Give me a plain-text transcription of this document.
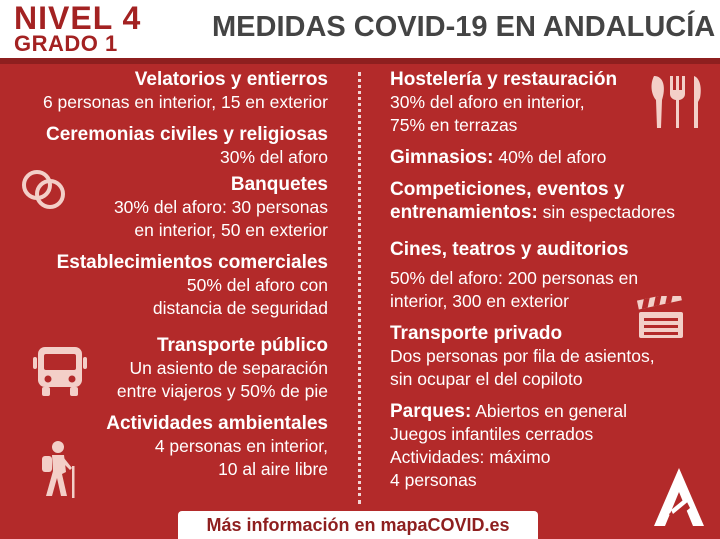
NIVEL 4
GRADO 1
MEDIDAS COVID-19 EN ANDALUCÍA
Velatorios y entierros
6 personas en interior, 15 en exterior
Ceremonias civiles y religiosas
30% del aforo
Banquetes
30% del aforo: 30 personas
en interior, 50 en exterior
Establecimientos comerciales
50% del aforo con
distancia de seguridad
Transporte público
Un asiento de separación
entre viajeros y 50% de pie
Actividades ambientales
4 personas en interior,
10 al aire libre
Hostelería y restauración
30% del aforo en interior,
75% en terrazas
Gimnasios: 40% del aforo
Competiciones, eventos y
entrenamientos: sin espectadores
Cines, teatros y auditorios
50% del aforo: 200 personas en
interior, 300 en exterior
Transporte privado
Dos personas por fila de asientos,
sin ocupar el del copiloto
Parques: Abiertos en general
Juegos infantiles cerrados
Actividades: máximo
4 personas
Más información en mapaCOVID.es
